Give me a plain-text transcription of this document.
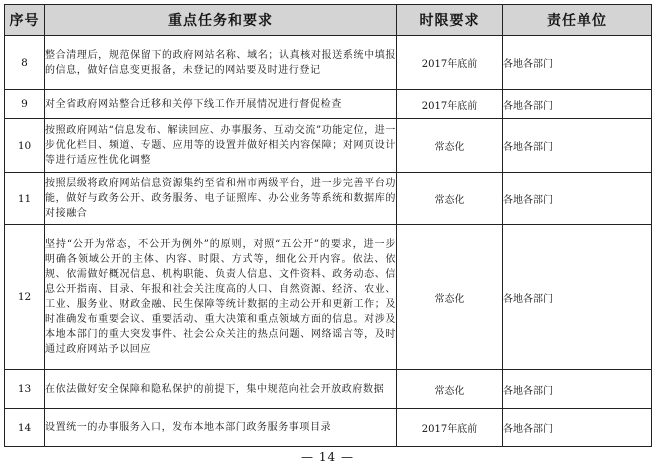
序号	重点任务和要求	时限要求	责任单位
8	整合清理后，规范保留下的政府网站名称、域名；认真核对报送系统中填报的信息，做好信息变更报备，未登记的网站要及时进行登记	2017年底前	各地各部门
9	对全省政府网站整合迁移和关停下线工作开展情况进行督促检查	2017年底前	各地各部门
10	按照政府网站“信息发布、解读回应、办事服务、互动交流”功能定位，进一步优化栏目、频道、专题、应用等的设置并做好相关内容保障；对网页设计等进行适应性优化调整	常态化	各地各部门
11	按照层级将政府网站信息资源集约至省和州市两级平台，进一步完善平台功能，做好与政务公开、政务服务、电子证照库、办公业务等系统和数据库的对接融合	常态化	各地各部门
12	坚持“公开为常态，不公开为例外”的原则，对照“五公开”的要求，进一步明确各领域公开的主体、内容、时限、方式等，细化公开内容。依法、依规、依需做好概况信息、机构职能、负责人信息、文件资料、政务动态、信息公开指南、目录、年报和社会关注度高的人口、自然资源、经济、农业、工业、服务业、财政金融、民生保障等统计数据的主动公开和更新工作；及时准确发布重要会议、重要活动、重大决策和重点领域方面的信息。对涉及本地本部门的重大突发事件、社会公众关注的热点问题、网络谣言等，及时通过政府网站予以回应	常态化	各地各部门
13	在依法做好安全保障和隐私保护的前提下，集中规范向社会开放政府数据	常态化	各地各部门
14	设置统一的办事服务入口，发布本地本部门政务服务事项目录	2017年底前	各地各部门
— 14 —
